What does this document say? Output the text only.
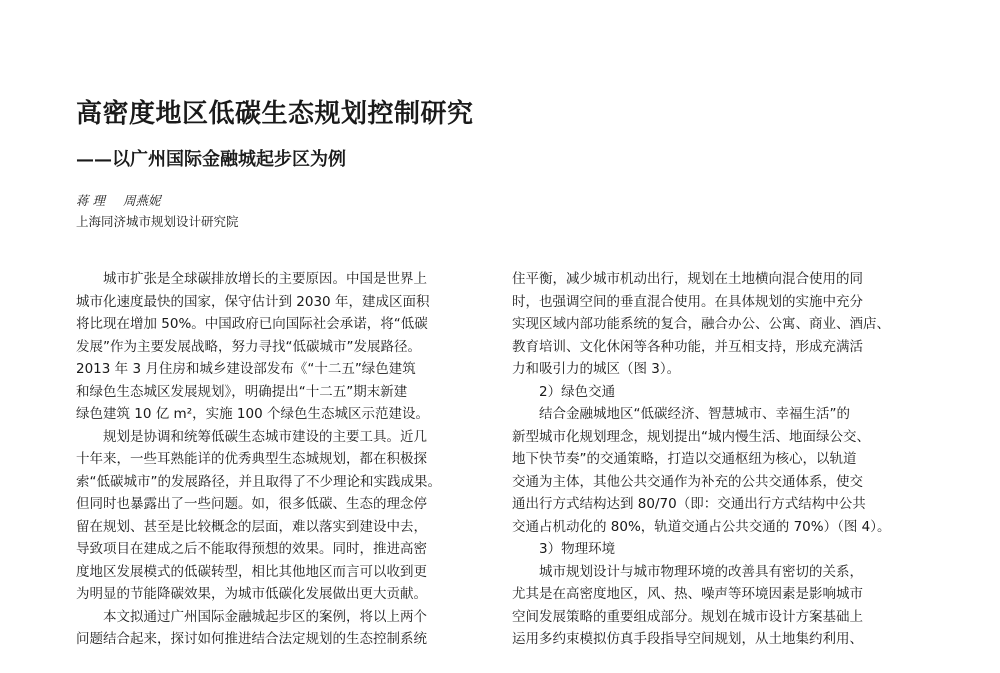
高密度地区低碳生态规划控制研究
——以广州国际金融城起步区为例
蒋 理 周燕妮
上海同济城市规划设计研究院
城市扩张是全球碳排放增长的主要原因。中国是世界上
城市化速度最快的国家，保守估计到 2030 年，建成区面积
将比现在增加 50%。中国政府已向国际社会承诺，将“低碳
发展”作为主要发展战略，努力寻找“低碳城市”发展路径。
2013 年 3 月住房和城乡建设部发布《“十二五”绿色建筑
和绿色生态城区发展规划》，明确提出“十二五”期末新建
绿色建筑 10 亿 m²，实施 100 个绿色生态城区示范建设。
规划是协调和统筹低碳生态城市建设的主要工具。近几
十年来，一些耳熟能详的优秀典型生态城规划，都在积极探
索“低碳城市”的发展路径，并且取得了不少理论和实践成果。
但同时也暴露出了一些问题。如，很多低碳、生态的理念停
留在规划、甚至是比较概念的层面，难以落实到建设中去，
导致项目在建成之后不能取得预想的效果。同时，推进高密
度地区发展模式的低碳转型，相比其他地区而言可以收到更
为明显的节能降碳效果，为城市低碳化发展做出更大贡献。
本文拟通过广州国际金融城起步区的案例，将以上两个
问题结合起来，探讨如何推进结合法定规划的生态控制系统
住平衡，减少城市机动出行，规划在土地横向混合使用的同
时，也强调空间的垂直混合使用。在具体规划的实施中充分
实现区域内部功能系统的复合，融合办公、公寓、商业、酒店、
教育培训、文化休闲等各种功能，并互相支持，形成充满活
力和吸引力的城区（图 3）。
2）绿色交通
结合金融城地区“低碳经济、智慧城市、幸福生活”的
新型城市化规划理念，规划提出“城内慢生活、地面绿公交、
地下快节奏”的交通策略，打造以交通枢纽为核心，以轨道
交通为主体，其他公共交通作为补充的公共交通体系，使交
通出行方式结构达到 80/70（即：交通出行方式结构中公共
交通占机动化的 80%，轨道交通占公共交通的 70%）（图 4）。
3）物理环境
城市规划设计与城市物理环境的改善具有密切的关系，
尤其是在高密度地区，风、热、噪声等环境因素是影响城市
空间发展策略的重要组成部分。规划在城市设计方案基础上
运用多约束模拟仿真手段指导空间规划，从土地集约利用、
